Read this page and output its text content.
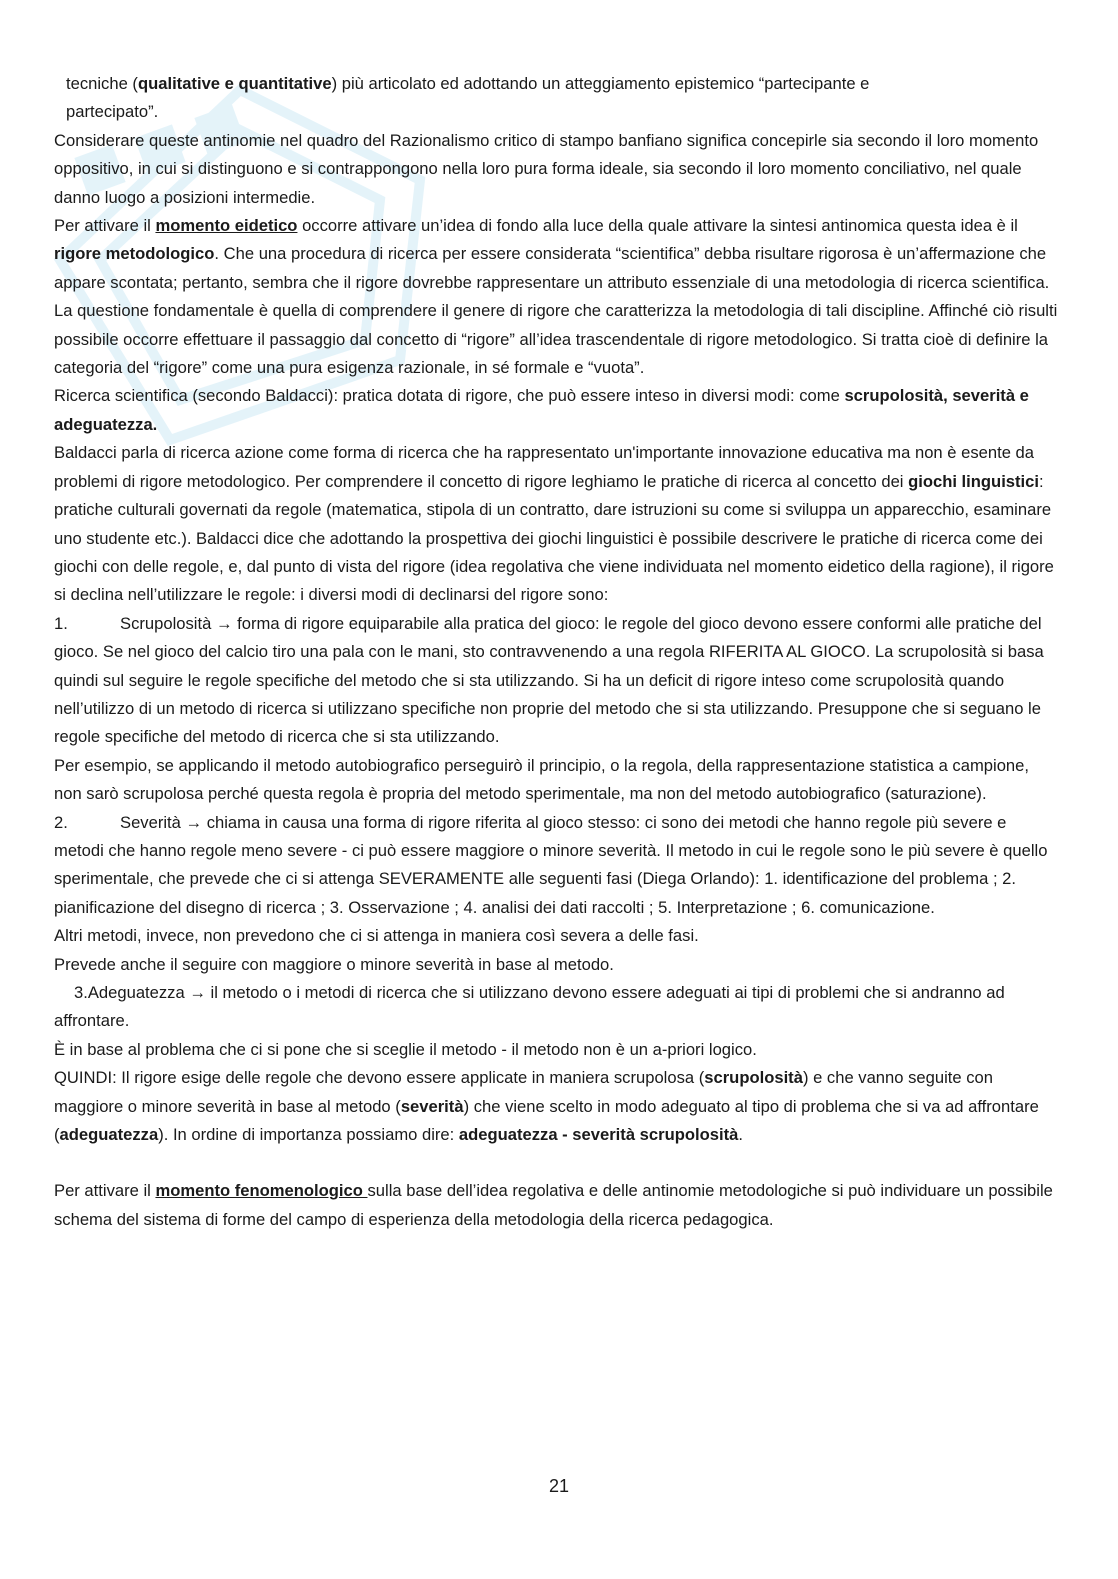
tecniche (qualitative e quantitative) più articolato ed adottando un atteggiamento epistemico “partecipante e
partecipato”.

Considerare queste antinomie nel quadro del Razionalismo critico di stampo banfiano significa concepirle sia secondo il loro momento oppositivo, in cui si distinguono e si contrappongono nella loro pura forma ideale, sia secondo il loro momento conciliativo, nel quale danno luogo a posizioni intermedie.

Per attivare il momento eidetico occorre attivare un’idea di fondo alla luce della quale attivare la sintesi antinomica questa idea è il rigore metodologico. Che una procedura di ricerca per essere considerata “scientifica” debba risultare rigorosa è un’affermazione che appare scontata; pertanto, sembra che il rigore dovrebbe rappresentare un attributo essenziale di una metodologia di ricerca scientifica. La questione fondamentale è quella di comprendere il genere di rigore che caratterizza la metodologia di tali discipline. Affinché ciò risulti possibile occorre effettuare il passaggio dal concetto di “rigore” all’idea trascendentale di rigore metodologico. Si tratta cioè di definire la categoria del “rigore” come una pura esigenza razionale, in sé formale e “vuota”.

Ricerca scientifica (secondo Baldacci): pratica dotata di rigore, che può essere inteso in diversi modi: come scrupolosità, severità e adeguatezza.

Baldacci parla di ricerca azione come forma di ricerca che ha rappresentato un'importante innovazione educativa ma non è esente da problemi di rigore metodologico. Per comprendere il concetto di rigore leghiamo le pratiche di ricerca al concetto dei giochi linguistici: pratiche culturali governati da regole (matematica, stipola di un contratto, dare istruzioni su come si sviluppa un apparecchio, esaminare uno studente etc.). Baldacci dice che adottando la prospettiva dei giochi linguistici è possibile descrivere le pratiche di ricerca come dei giochi con delle regole, e, dal punto di vista del rigore (idea regolativa che viene individuata nel momento eidetico della ragione), il rigore si declina nell’utilizzare le regole: i diversi modi di declinarsi del rigore sono:

1.	Scrupolosità → forma di rigore equiparabile alla pratica del gioco: le regole del gioco devono essere conformi alle pratiche del gioco. Se nel gioco del calcio tiro una pala con le mani, sto contravvenendo a una regola RIFERITA AL GIOCO. La scrupolosità si basa quindi sul seguire le regole specifiche del metodo che si sta utilizzando. Si ha un deficit di rigore inteso come scrupolosità quando nell’utilizzo di un metodo di ricerca si utilizzano specifiche non proprie del metodo che si sta utilizzando. Presuppone che si seguano le regole specifiche del metodo di ricerca che si sta utilizzando.

Per esempio, se applicando il metodo autobiografico perseguirò il principio, o la regola, della rappresentazione statistica a campione, non sarò scrupolosa perché questa regola è propria del metodo sperimentale, ma non del metodo autobiografico (saturazione).

2.	Severità → chiama in causa una forma di rigore riferita al gioco stesso: ci sono dei metodi che hanno regole più severe e metodi che hanno regole meno severe - ci può essere maggiore o minore severità. Il metodo in cui le regole sono le più severe è quello sperimentale, che prevede che ci si attenga SEVERAMENTE alle seguenti fasi (Diega Orlando): 1. identificazione del problema ; 2. pianificazione del disegno di ricerca ; 3. Osservazione ; 4. analisi dei dati raccolti ; 5. Interpretazione ; 6. comunicazione.

Altri metodi, invece, non prevedono che ci si attenga in maniera così severa a delle fasi.

Prevede anche il seguire con maggiore o minore severità in base al metodo.

3.Adeguatezza → il metodo o i metodi di ricerca che si utilizzano devono essere adeguati ai tipi di problemi che si andranno ad affrontare.

È in base al problema che ci si pone che si sceglie il metodo - il metodo non è un a-priori logico.

QUINDI: Il rigore esige delle regole che devono essere applicate in maniera scrupolosa (scrupolosità) e che vanno seguite con maggiore o minore severità in base al metodo (severità) che viene scelto in modo adeguato al tipo di problema che si va ad affrontare (adeguatezza). In ordine di importanza possiamo dire: adeguatezza - severità scrupolosità.

Per attivare il momento fenomenologico sulla base dell’idea regolativa e delle antinomie metodologiche si può individuare un possibile schema del sistema di forme del campo di esperienza della metodologia della ricerca pedagogica.

21
